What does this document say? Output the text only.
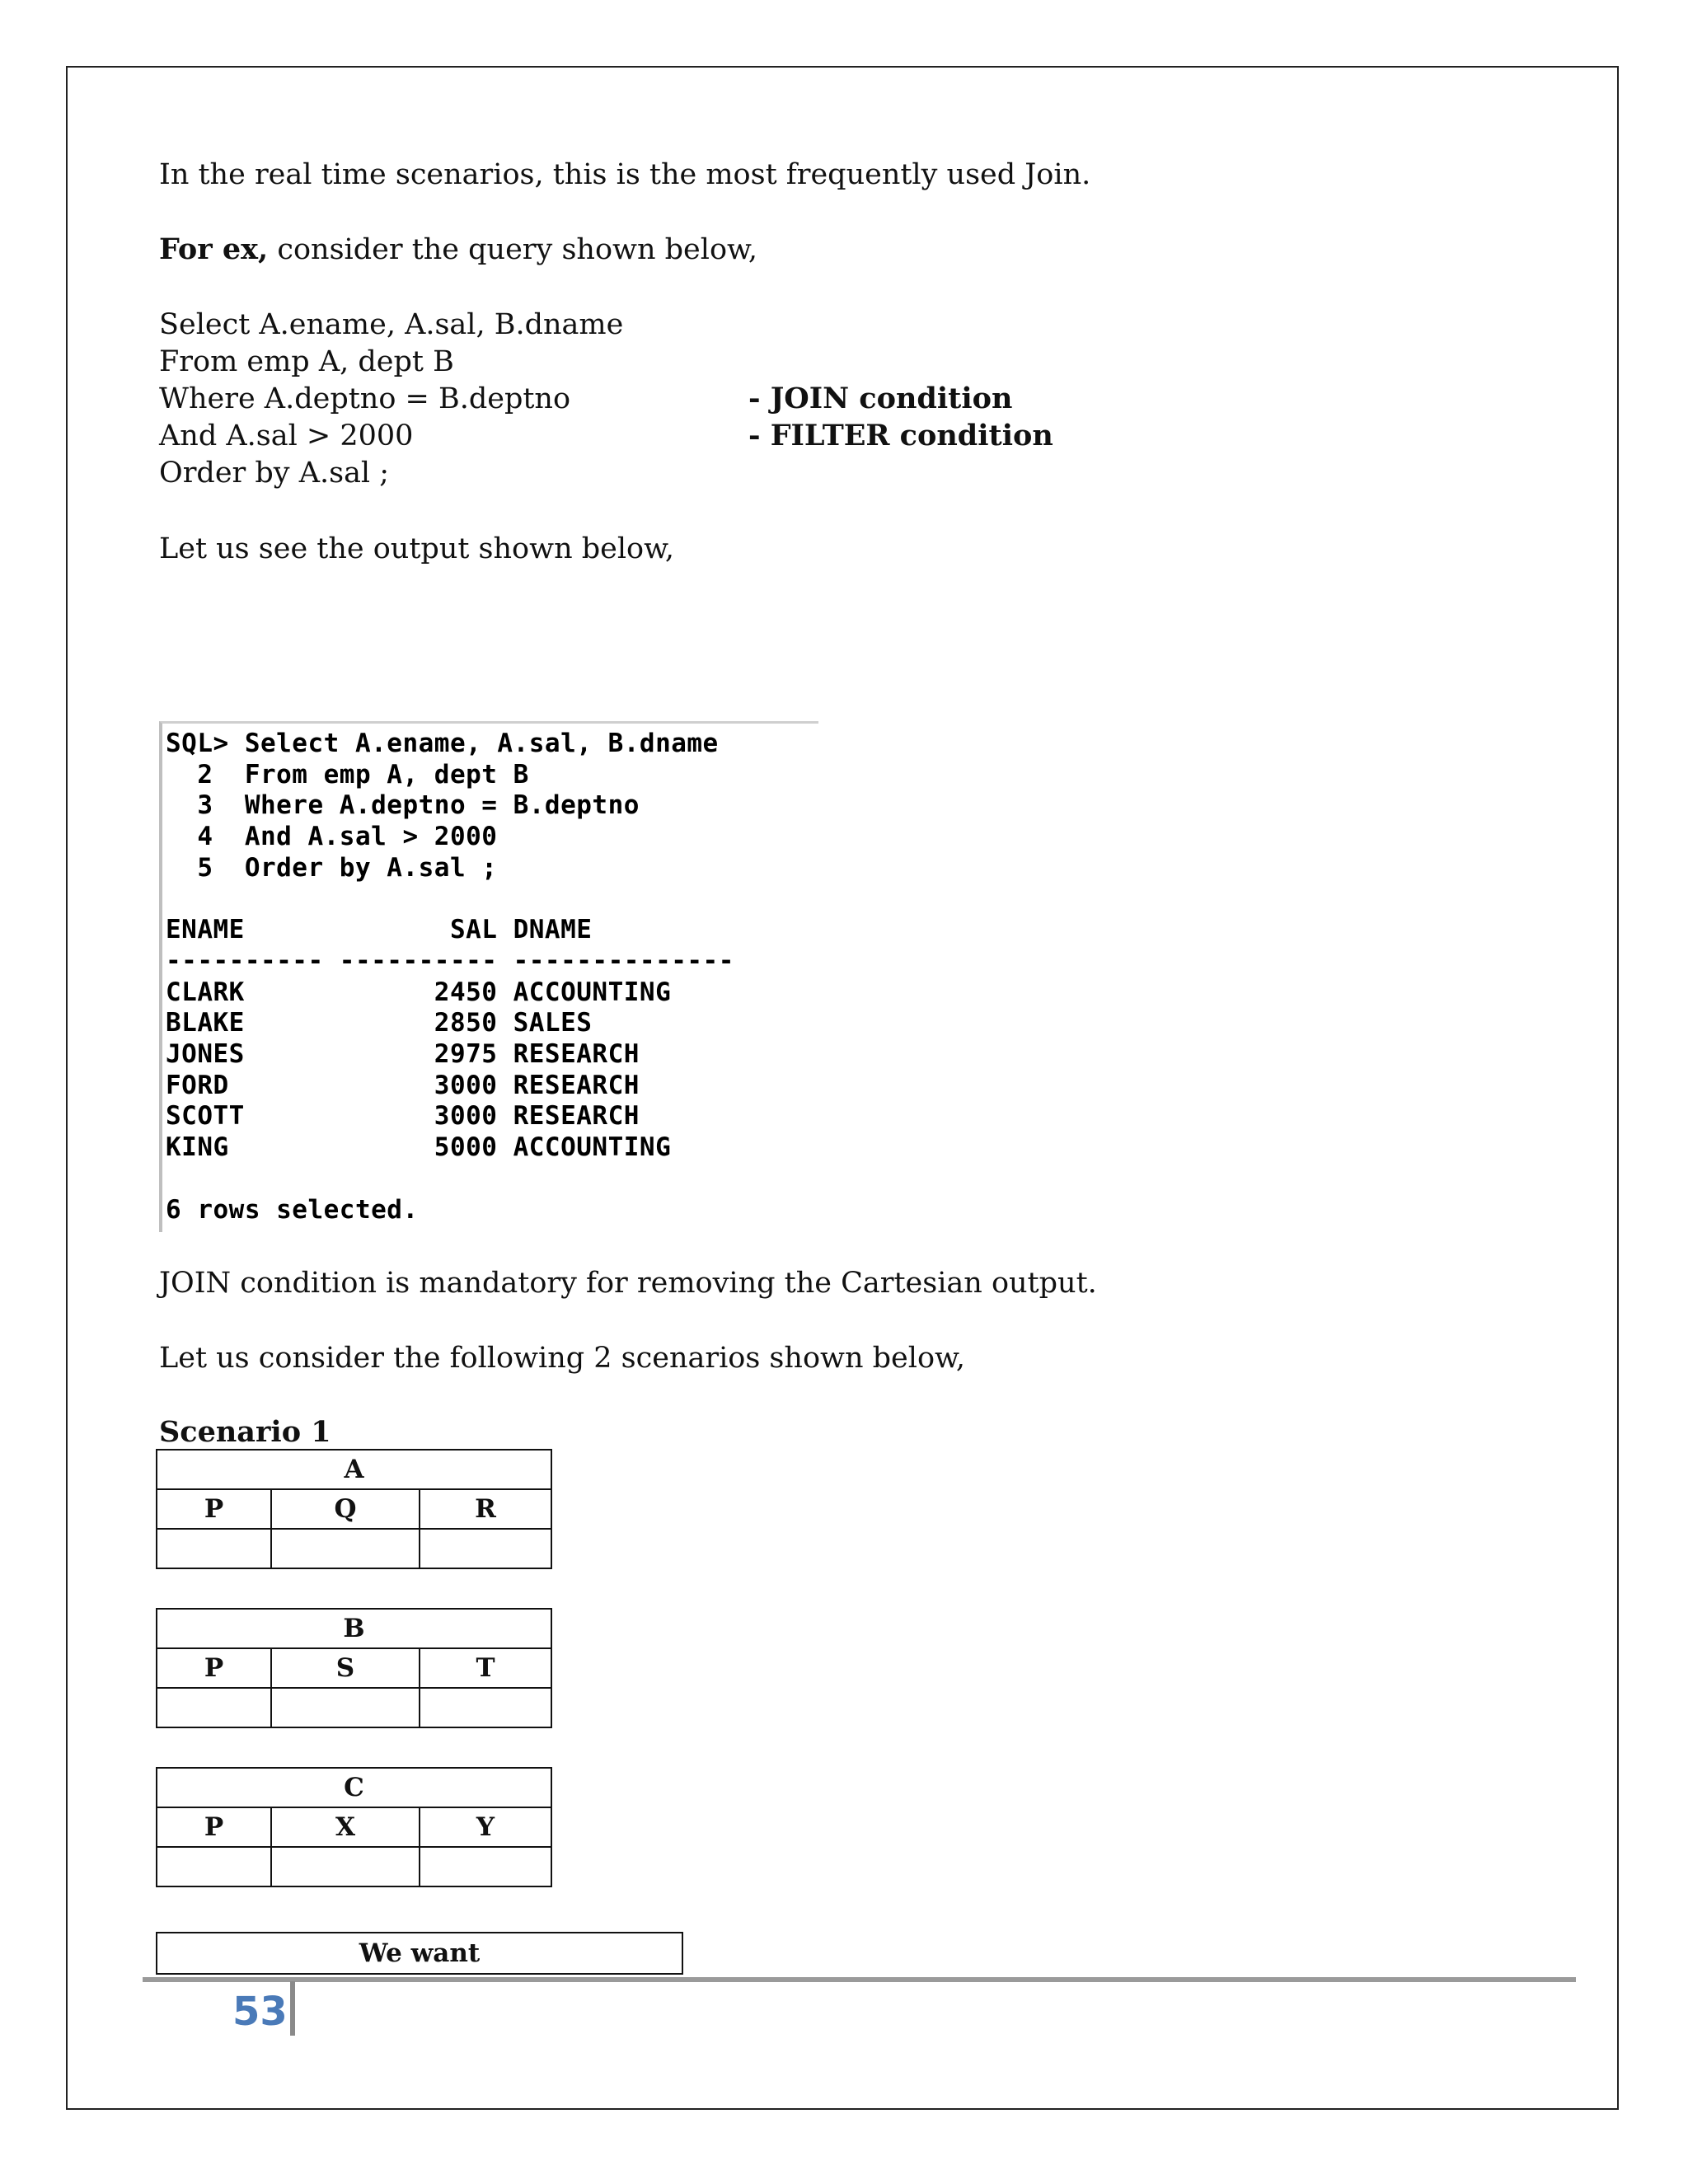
In the real time scenarios, this is the most frequently used Join.
For ex, consider the query shown below,
Select A.ename, A.sal, B.dname
From emp A, dept B
Where A.deptno = B.deptno	- JOIN condition
And A.sal > 2000	- FILTER condition
Order by A.sal ;
Let us see the output shown below,
SQL> Select A.ename, A.sal, B.dname
2  From emp A, dept B
3  Where A.deptno = B.deptno
4  And A.sal > 2000
5  Order by A.sal ;

ENAME             SAL DNAME
---------- ---------- --------------
CLARK            2450 ACCOUNTING
BLAKE            2850 SALES
JONES            2975 RESEARCH
FORD             3000 RESEARCH
SCOTT            3000 RESEARCH
KING             5000 ACCOUNTING

6 rows selected.
JOIN condition is mandatory for removing the Cartesian output.
Let us consider the following 2 scenarios shown below,
Scenario 1
A		
P	Q	R

B		
P	S	T

C		
P	X	Y

We want
53
